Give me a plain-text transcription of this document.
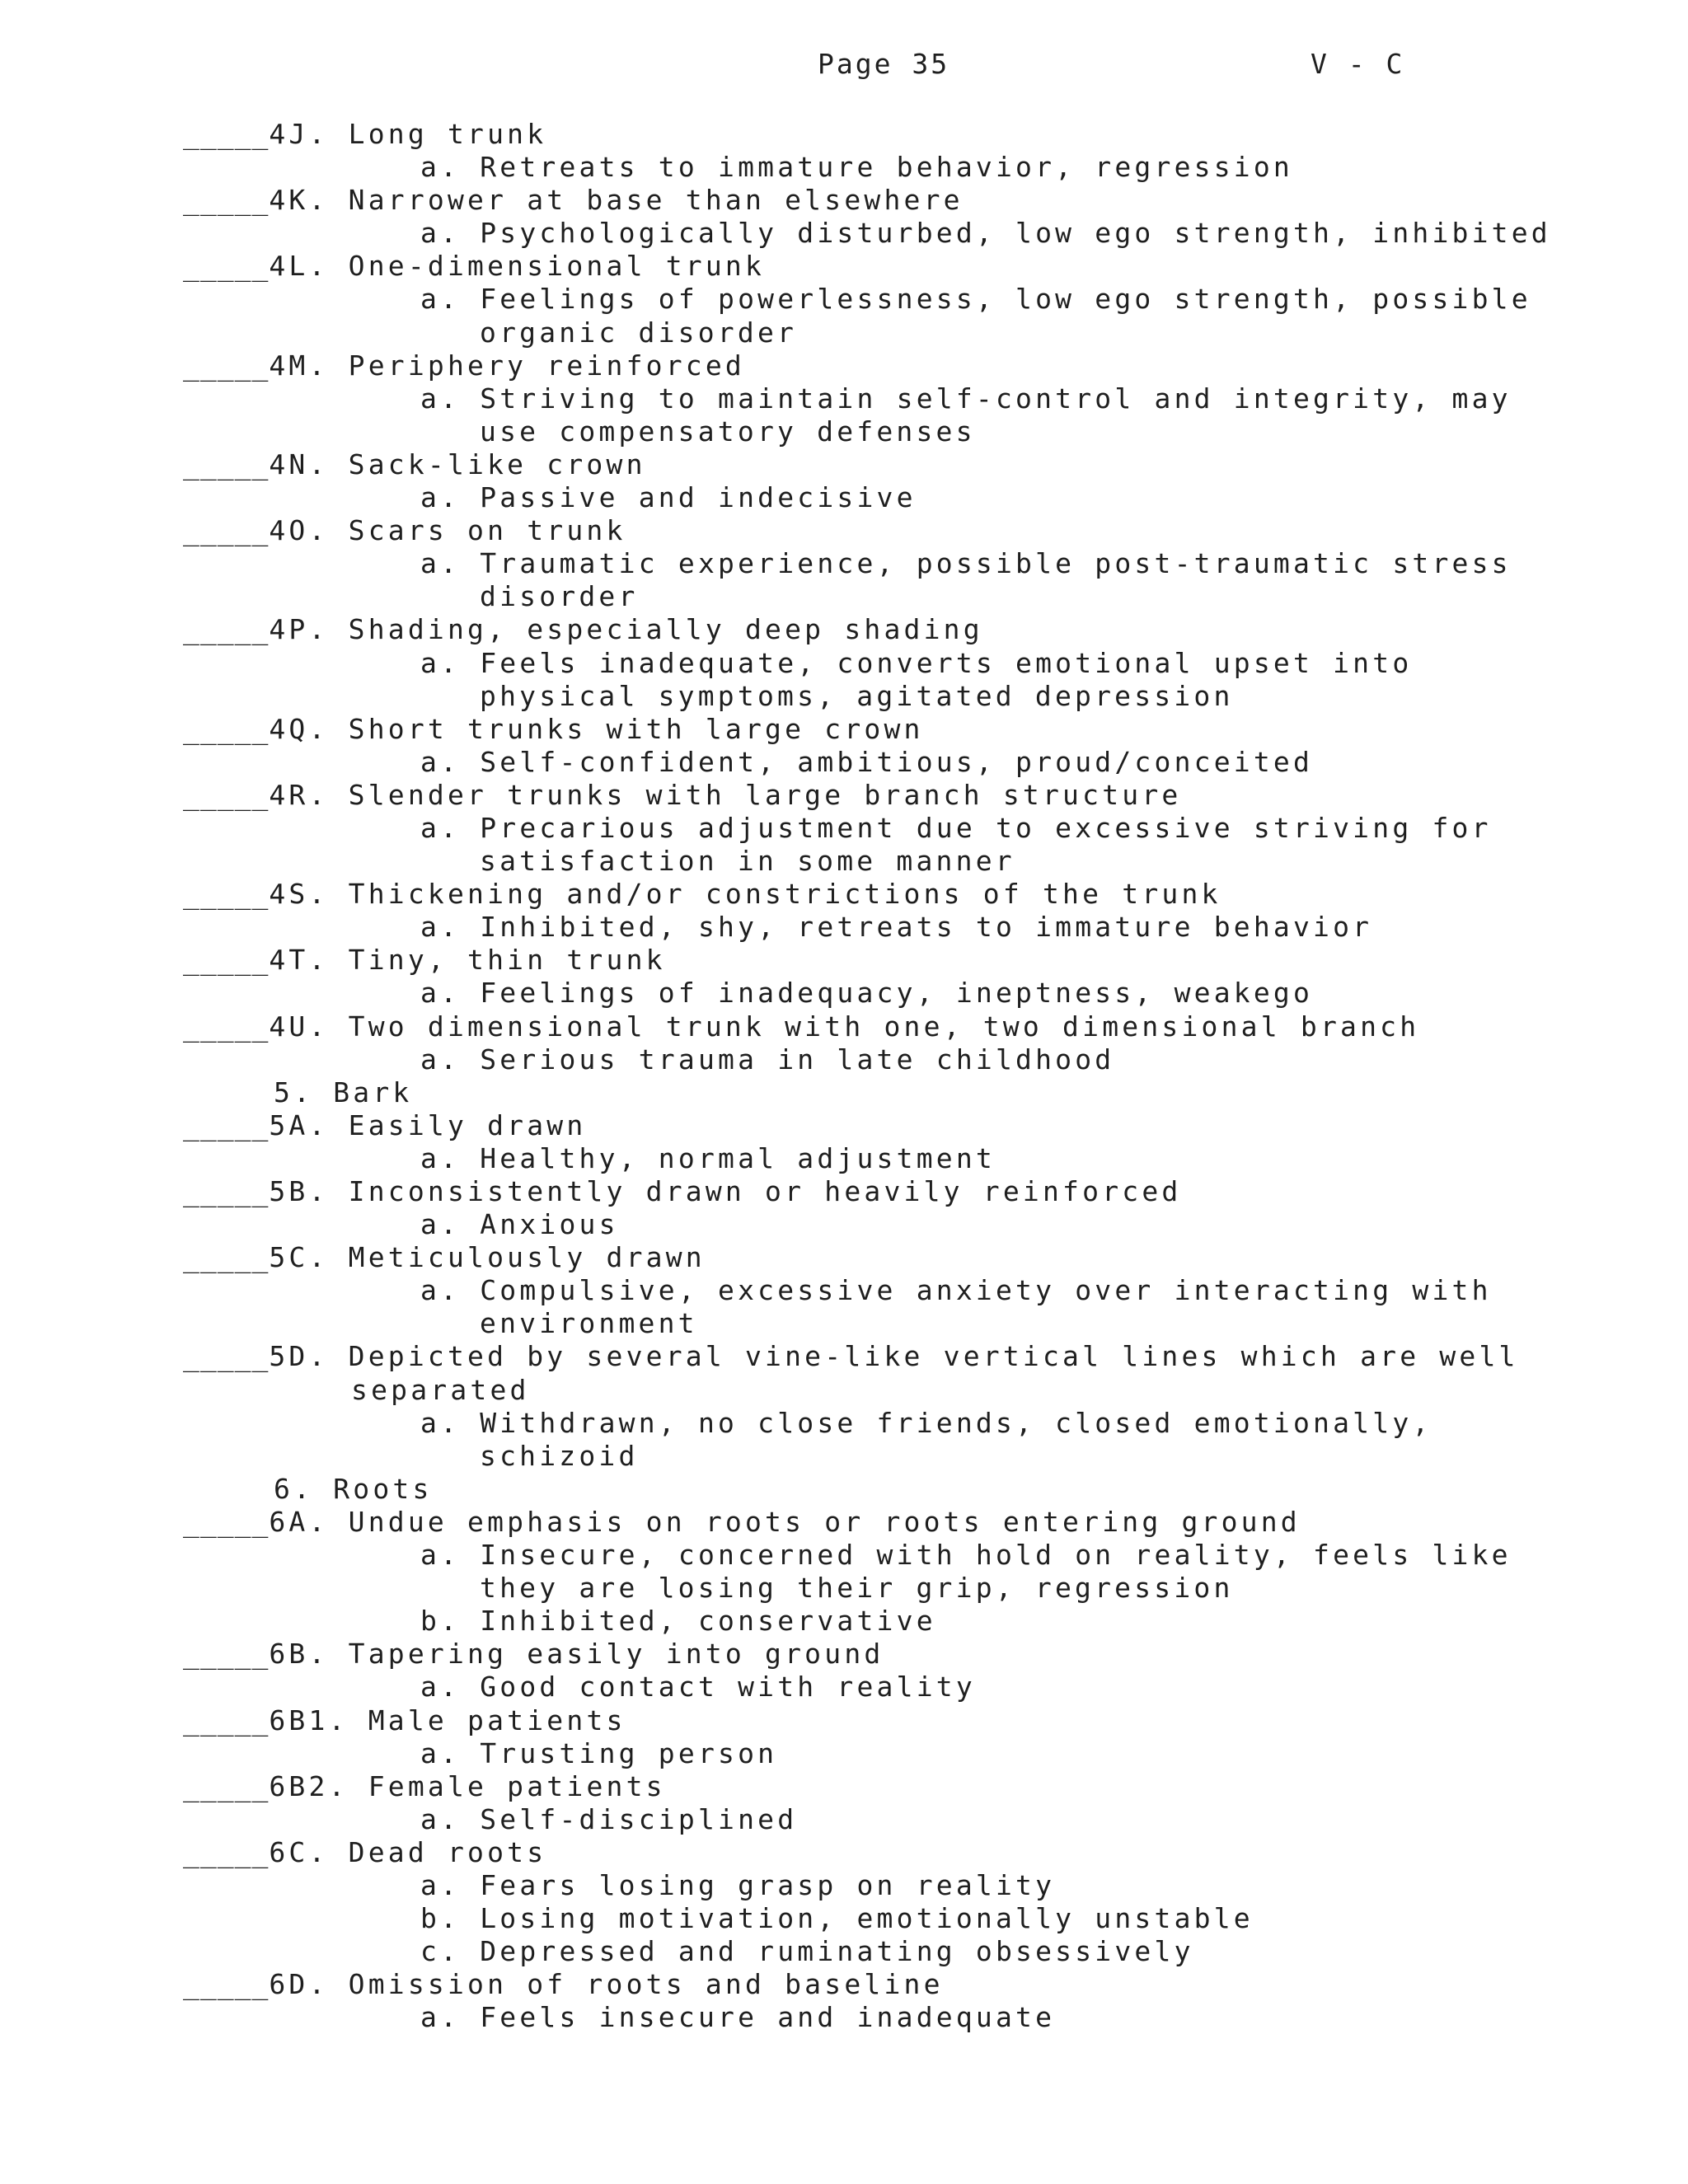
Page 35	V - C
_____4J. Long trunk
a. Retreats to immature behavior, regression
_____4K. Narrower at base than elsewhere
a. Psychologically disturbed, low ego strength, inhibited
_____4L. One-dimensional trunk
a. Feelings of powerlessness, low ego strength, possible
organic disorder
_____4M. Periphery reinforced
a. Striving to maintain self-control and integrity, may
use compensatory defenses
_____4N. Sack-like crown
a. Passive and indecisive
_____4O. Scars on trunk
a. Traumatic experience, possible post-traumatic stress
disorder
_____4P. Shading, especially deep shading
a. Feels inadequate, converts emotional upset into
physical symptoms, agitated depression
_____4Q. Short trunks with large crown
a. Self-confident, ambitious, proud/conceited
_____4R. Slender trunks with large branch structure
a. Precarious adjustment due to excessive striving for
satisfaction in some manner
_____4S. Thickening and/or constrictions of the trunk
a. Inhibited, shy, retreats to immature behavior
_____4T. Tiny, thin trunk
a. Feelings of inadequacy, ineptness, weakego
_____4U. Two dimensional trunk with one, two dimensional branch
a. Serious trauma in late childhood
5. Bark
_____5A. Easily drawn
a. Healthy, normal adjustment
_____5B. Inconsistently drawn or heavily reinforced
a. Anxious
_____5C. Meticulously drawn
a. Compulsive, excessive anxiety over interacting with
environment
_____5D. Depicted by several vine-like vertical lines which are well
separated
a. Withdrawn, no close friends, closed emotionally,
schizoid
6. Roots
_____6A. Undue emphasis on roots or roots entering ground
a. Insecure, concerned with hold on reality, feels like
they are losing their grip, regression
b. Inhibited, conservative
_____6B. Tapering easily into ground
a. Good contact with reality
_____6B1. Male patients
a. Trusting person
_____6B2. Female patients
a. Self-disciplined
_____6C. Dead roots
a. Fears losing grasp on reality
b. Losing motivation, emotionally unstable
c. Depressed and ruminating obsessively
_____6D. Omission of roots and baseline
a. Feels insecure and inadequate
